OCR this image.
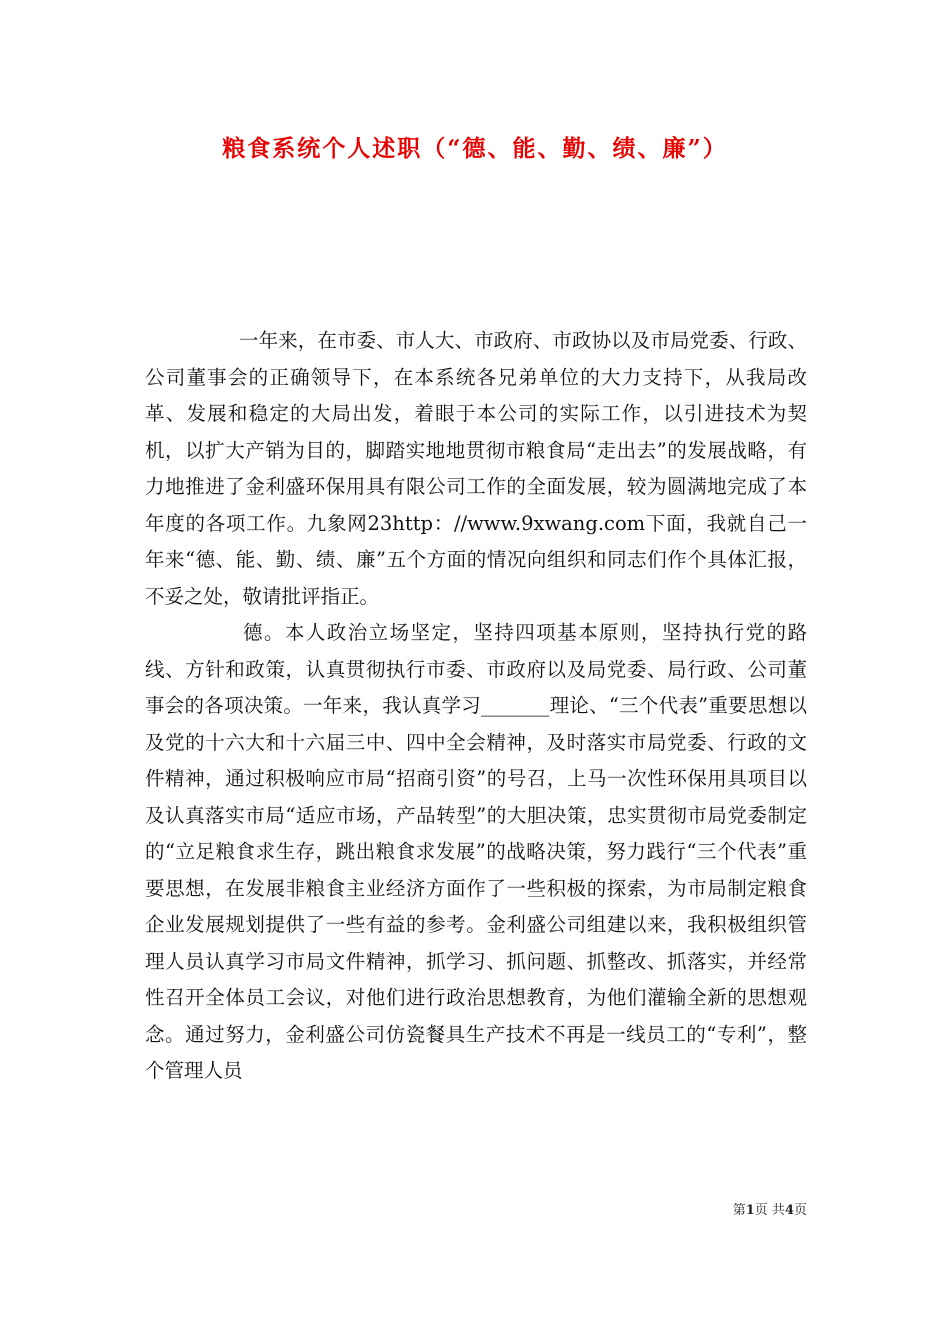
粮食系统个人述职（“德、能、勤、绩、廉”）

一年来，在市委、市人大、市政府、市政协以及市局党委、行政、公司董事会的正确领导下，在本系统各兄弟单位的大力支持下，从我局改革、发展和稳定的大局出发，着眼于本公司的实际工作，以引进技术为契机，以扩大产销为目的，脚踏实地地贯彻市粮食局“走出去”的发展战略，有力地推进了金利盛环保用具有限公司工作的全面发展，较为圆满地完成了本年度的各项工作。九象网23http：//www.9xwang.com下面，我就自己一年来“德、能、勤、绩、廉”五个方面的情况向组织和同志们作个具体汇报，不妥之处，敬请批评指正。

德。本人政治立场坚定，坚持四项基本原则，坚持执行党的路线、方针和政策，认真贯彻执行市委、市政府以及局党委、局行政、公司董事会的各项决策。一年来，我认真学习_______理论、“三个代表”重要思想以及党的十六大和十六届三中、四中全会精神，及时落实市局党委、行政的文件精神，通过积极响应市局“招商引资”的号召，上马一次性环保用具项目以及认真落实市局“适应市场，产品转型”的大胆决策，忠实贯彻市局党委制定的“立足粮食求生存，跳出粮食求发展”的战略决策，努力践行“三个代表”重要思想，在发展非粮食主业经济方面作了一些积极的探索，为市局制定粮食企业发展规划提供了一些有益的参考。金利盛公司组建以来，我积极组织管理人员认真学习市局文件精神，抓学习、抓问题、抓整改、抓落实，并经常性召开全体员工会议，对他们进行政治思想教育，为他们灌输全新的思想观念。通过努力，金利盛公司仿瓷餐具生产技术不再是一线员工的“专利”，整个管理人员

第1页 共4页
